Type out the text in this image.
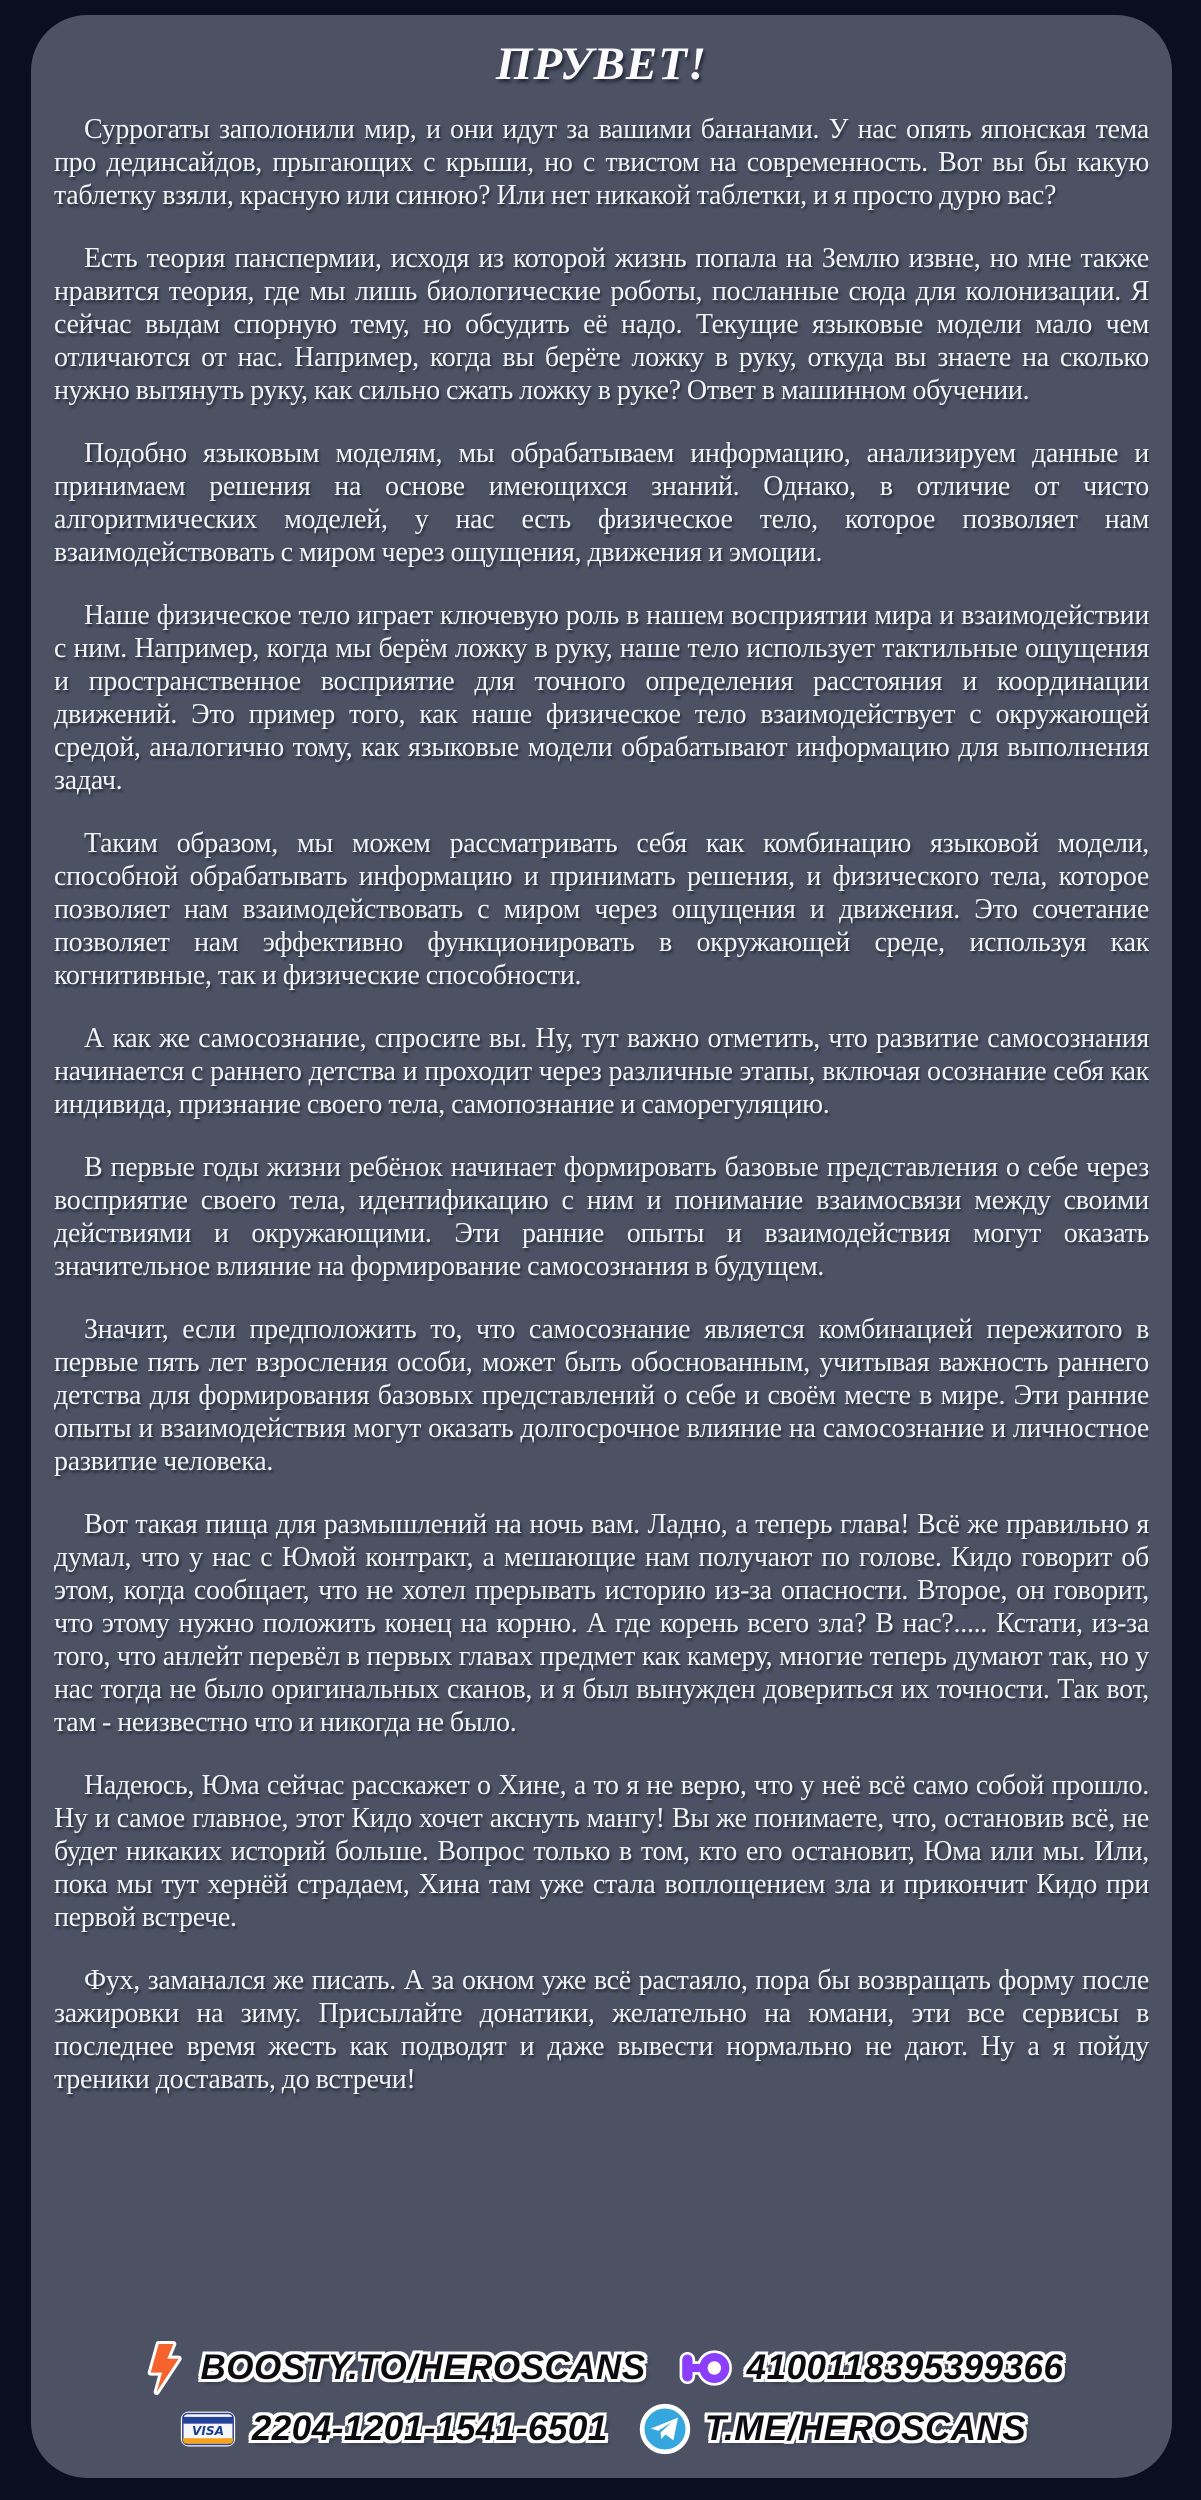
ПРУВЕТ!

Суррогаты заполонили мир, и они идут за вашими бананами. У нас опять японская тема про дединсайдов, прыгающих с крыши, но с твистом на современность. Вот вы бы какую таблетку взяли, красную или синюю? Или нет никакой таблетки, и я просто дурю вас?

Есть теория панспермии, исходя из которой жизнь попала на Землю извне, но мне также нравится теория, где мы лишь биологические роботы, посланные сюда для колонизации. Я сейчас выдам спорную тему, но обсудить её надо. Текущие языковые модели мало чем отличаются от нас. Например, когда вы берёте ложку в руку, откуда вы знаете на сколько нужно вытянуть руку, как сильно сжать ложку в руке? Ответ в машинном обучении.

Подобно языковым моделям, мы обрабатываем информацию, анализируем данные и принимаем решения на основе имеющихся знаний. Однако, в отличие от чисто алгоритмических моделей, у нас есть физическое тело, которое позволяет нам взаимодействовать с миром через ощущения, движения и эмоции.

Наше физическое тело играет ключевую роль в нашем восприятии мира и взаимодействии с ним. Например, когда мы берём ложку в руку, наше тело использует тактильные ощущения и пространственное восприятие для точного определения расстояния и координации движений. Это пример того, как наше физическое тело взаимодействует с окружающей средой, аналогично тому, как языковые модели обрабатывают информацию для выполнения задач.

Таким образом, мы можем рассматривать себя как комбинацию языковой модели, способной обрабатывать информацию и принимать решения, и физического тела, которое позволяет нам взаимодействовать с миром через ощущения и движения. Это сочетание позволяет нам эффективно функционировать в окружающей среде, используя как когнитивные, так и физические способности.

А как же самосознание, спросите вы. Ну, тут важно отметить, что развитие самосознания начинается с раннего детства и проходит через различные этапы, включая осознание себя как индивида, признание своего тела, самопознание и саморегуляцию.

В первые годы жизни ребёнок начинает формировать базовые представления о себе через восприятие своего тела, идентификацию с ним и понимание взаимосвязи между своими действиями и окружающими. Эти ранние опыты и взаимодействия могут оказать значительное влияние на формирование самосознания в будущем.

Значит, если предположить то, что самосознание является комбинацией пережитого в первые пять лет взросления особи, может быть обоснованным, учитывая важность раннего детства для формирования базовых представлений о себе и своём месте в мире. Эти ранние опыты и взаимодействия могут оказать долгосрочное влияние на самосознание и личностное развитие человека.

Вот такая пища для размышлений на ночь вам. Ладно, а теперь глава! Всё же правильно я думал, что у нас с Юмой контракт, а мешающие нам получают по голове. Кидо говорит об этом, когда сообщает, что не хотел прерывать историю из-за опасности. Второе, он говорит, что этому нужно положить конец на корню. А где корень всего зла? В нас?..... Кстати, из-за того, что анлейт перевёл в первых главах предмет как камеру, многие теперь думают так, но у нас тогда не было оригинальных сканов, и я был вынужден довериться их точности. Так вот, там - неизвестно что и никогда не было.

Надеюсь, Юма сейчас расскажет о Хине, а то я не верю, что у неё всё само собой прошло. Ну и самое главное, этот Кидо хочет акснуть мангу! Вы же понимаете, что, остановив всё, не будет никаких историй больше. Вопрос только в том, кто его остановит, Юма или мы. Или, пока мы тут хернёй страдаем, Хина там уже стала воплощением зла и прикончит Кидо при первой встрече.

Фух, заманался же писать. А за окном уже всё растаяло, пора бы возвращать форму после зажировки на зиму. Присылайте донатики, желательно на юмани, эти все сервисы в последнее время жесть как подводят и даже вывести нормально не дают. Ну а я пойду треники доставать, до встречи!

BOOSTY.TO/HEROSCANS	4100118395399366
VISA 2204-1201-1541-6501	T.ME/HEROSCANS
